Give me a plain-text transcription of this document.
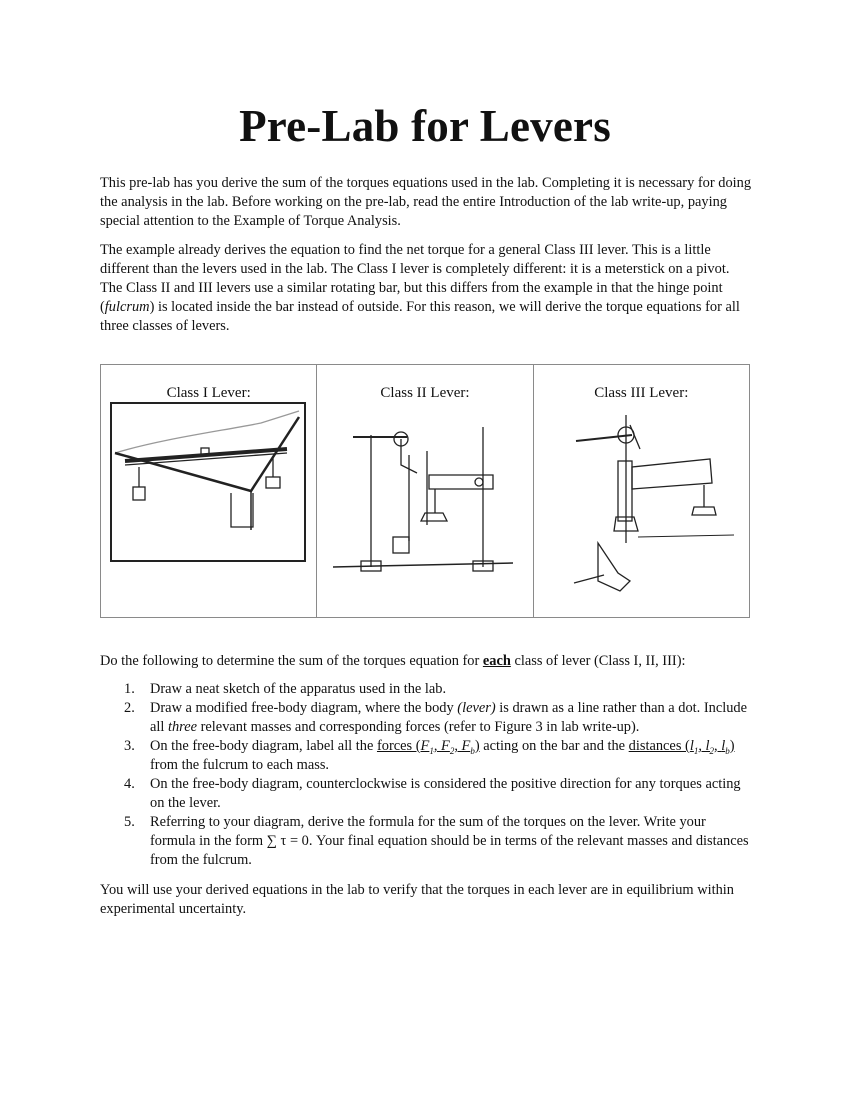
Pre-Lab for Levers

This pre-lab has you derive the sum of the torques equations used in the lab. Completing it is necessary for doing the analysis in the lab. Before working on the pre-lab, read the entire Introduction of the lab write-up, paying special attention to the Example of Torque Analysis.

The example already derives the equation to find the net torque for a general Class III lever. This is a little different than the levers used in the lab. The Class I lever is completely different: it is a meterstick on a pivot. The Class II and III levers use a similar rotating bar, but this differs from the example in that the hinge point (fulcrum) is located inside the bar instead of outside. For this reason, we will derive the torque equations for all three classes of levers.

Class I Lever:	Class II Lever:	Class III Lever:

Do the following to determine the sum of the torques equation for each class of lever (Class I, II, III):

1. Draw a neat sketch of the apparatus used in the lab.
2. Draw a modified free-body diagram, where the body (lever) is drawn as a line rather than a dot. Include all three relevant masses and corresponding forces (refer to Figure 3 in lab write-up).
3. On the free-body diagram, label all the forces ($F_1$, $F_2$, $F_b$) acting on the bar and the distances ($l_1$, $l_2$, $l_b$) from the fulcrum to each mass.
4. On the free-body diagram, counterclockwise is considered the positive direction for any torques acting on the lever.
5. Referring to your diagram, derive the formula for the sum of the torques on the lever. Write your formula in the form ∑ τ = 0. Your final equation should be in terms of the relevant masses and distances from the fulcrum.

You will use your derived equations in the lab to verify that the torques in each lever are in equilibrium within experimental uncertainty.
